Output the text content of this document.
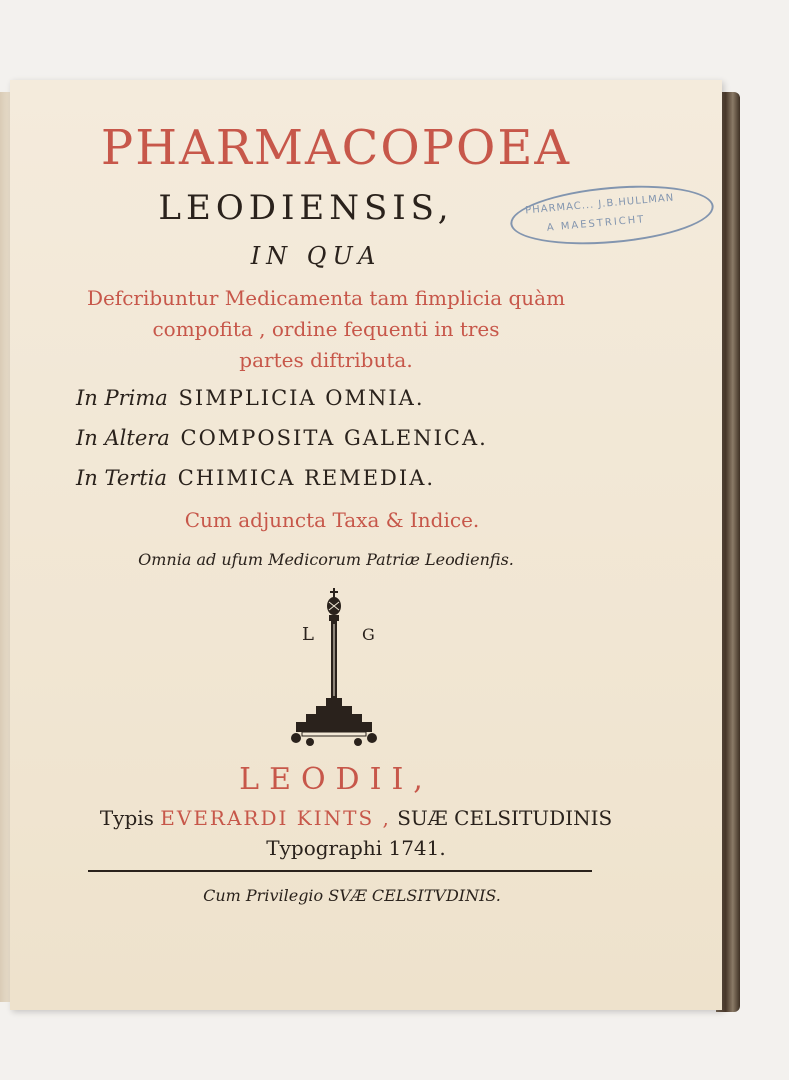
PHARMACOPOEA
LEODIENSIS,	PHARMAC... J.B.HULLMAN
A MAESTRICHT
IN QUA
Defcribuntur Medicamenta tam fimplicia quàm
compofita , ordine fequenti in tres
partes diftributa.
In Prima SIMPLICIA OMNIA.
In Altera COMPOSITA GALENICA.
In Tertia CHIMICA REMEDIA.
Cum adjuncta Taxa & Indice.
Omnia ad ufum Medicorum Patriæ Leodienfis.
L	G
LEODII,
Typis EVERARDI KINTS , SUÆ CELSITUDINIS
Typographi 1741.
Cum Privilegio SVÆ CELSITVDINIS.
